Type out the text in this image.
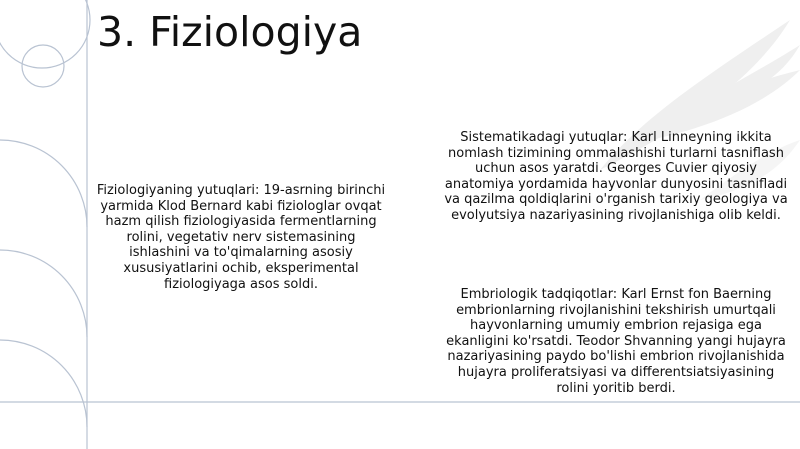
3. Fiziologiya

Fiziologiyaning yutuqlari: 19-asrning birinchi yarmida Klod Bernard kabi fiziologlar ovqat hazm qilish fiziologiyasida fermentlarning rolini, vegetativ nerv sistemasining ishlashini va to'qimalarning asosiy xususiyatlarini ochib, eksperimental fiziologiyaga asos soldi.

Sistematikadagi yutuqlar: Karl Linneyning ikkita nomlash tizimining ommalashishi turlarni tasniflash uchun asos yaratdi. Georges Cuvier qiyosiy anatomiya yordamida hayvonlar dunyosini tasnifladi va qazilma qoldiqlarini o'rganish tarixiy geologiya va evolyutsiya nazariyasining rivojlanishiga olib keldi.

Embriologik tadqiqotlar: Karl Ernst fon Baerning embrionlarning rivojlanishini tekshirish umurtqali hayvonlarning umumiy embrion rejasiga ega ekanligini ko'rsatdi. Teodor Shvanning yangi hujayra nazariyasining paydo bo'lishi embrion rivojlanishida hujayra proliferatsiyasi va differentsiatsiyasining rolini yoritib berdi.
